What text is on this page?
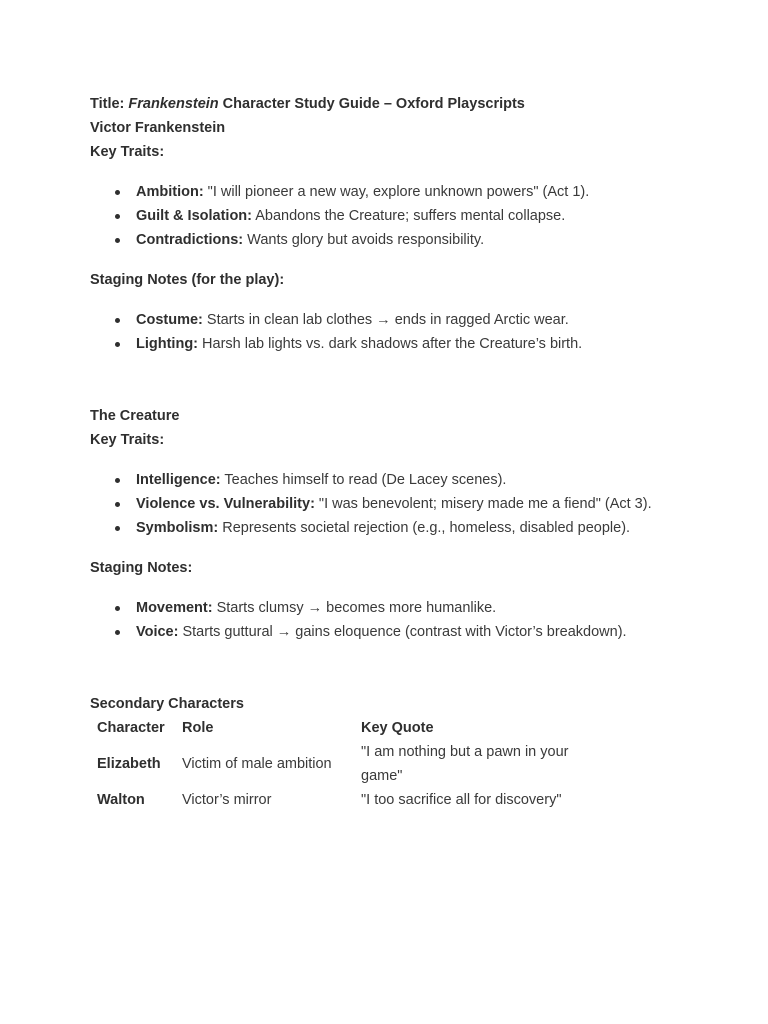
Title: Frankenstein Character Study Guide – Oxford Playscripts
Victor Frankenstein
Key Traits:
Ambition: "I will pioneer a new way, explore unknown powers" (Act 1).
Guilt & Isolation: Abandons the Creature; suffers mental collapse.
Contradictions: Wants glory but avoids responsibility.
Staging Notes (for the play):
Costume: Starts in clean lab clothes → ends in ragged Arctic wear.
Lighting: Harsh lab lights vs. dark shadows after the Creature’s birth.
The Creature
Key Traits:
Intelligence: Teaches himself to read (De Lacey scenes).
Violence vs. Vulnerability: "I was benevolent; misery made me a fiend" (Act 3).
Symbolism: Represents societal rejection (e.g., homeless, disabled people).
Staging Notes:
Movement: Starts clumsy → becomes more humanlike.
Voice: Starts guttural → gains eloquence (contrast with Victor’s breakdown).
Secondary Characters
Character	Role	Key Quote
Elizabeth	Victim of male ambition	"I am nothing but a pawn in your
game"

Walton	Victor’s mirror	"I too sacrifice all for discovery"
